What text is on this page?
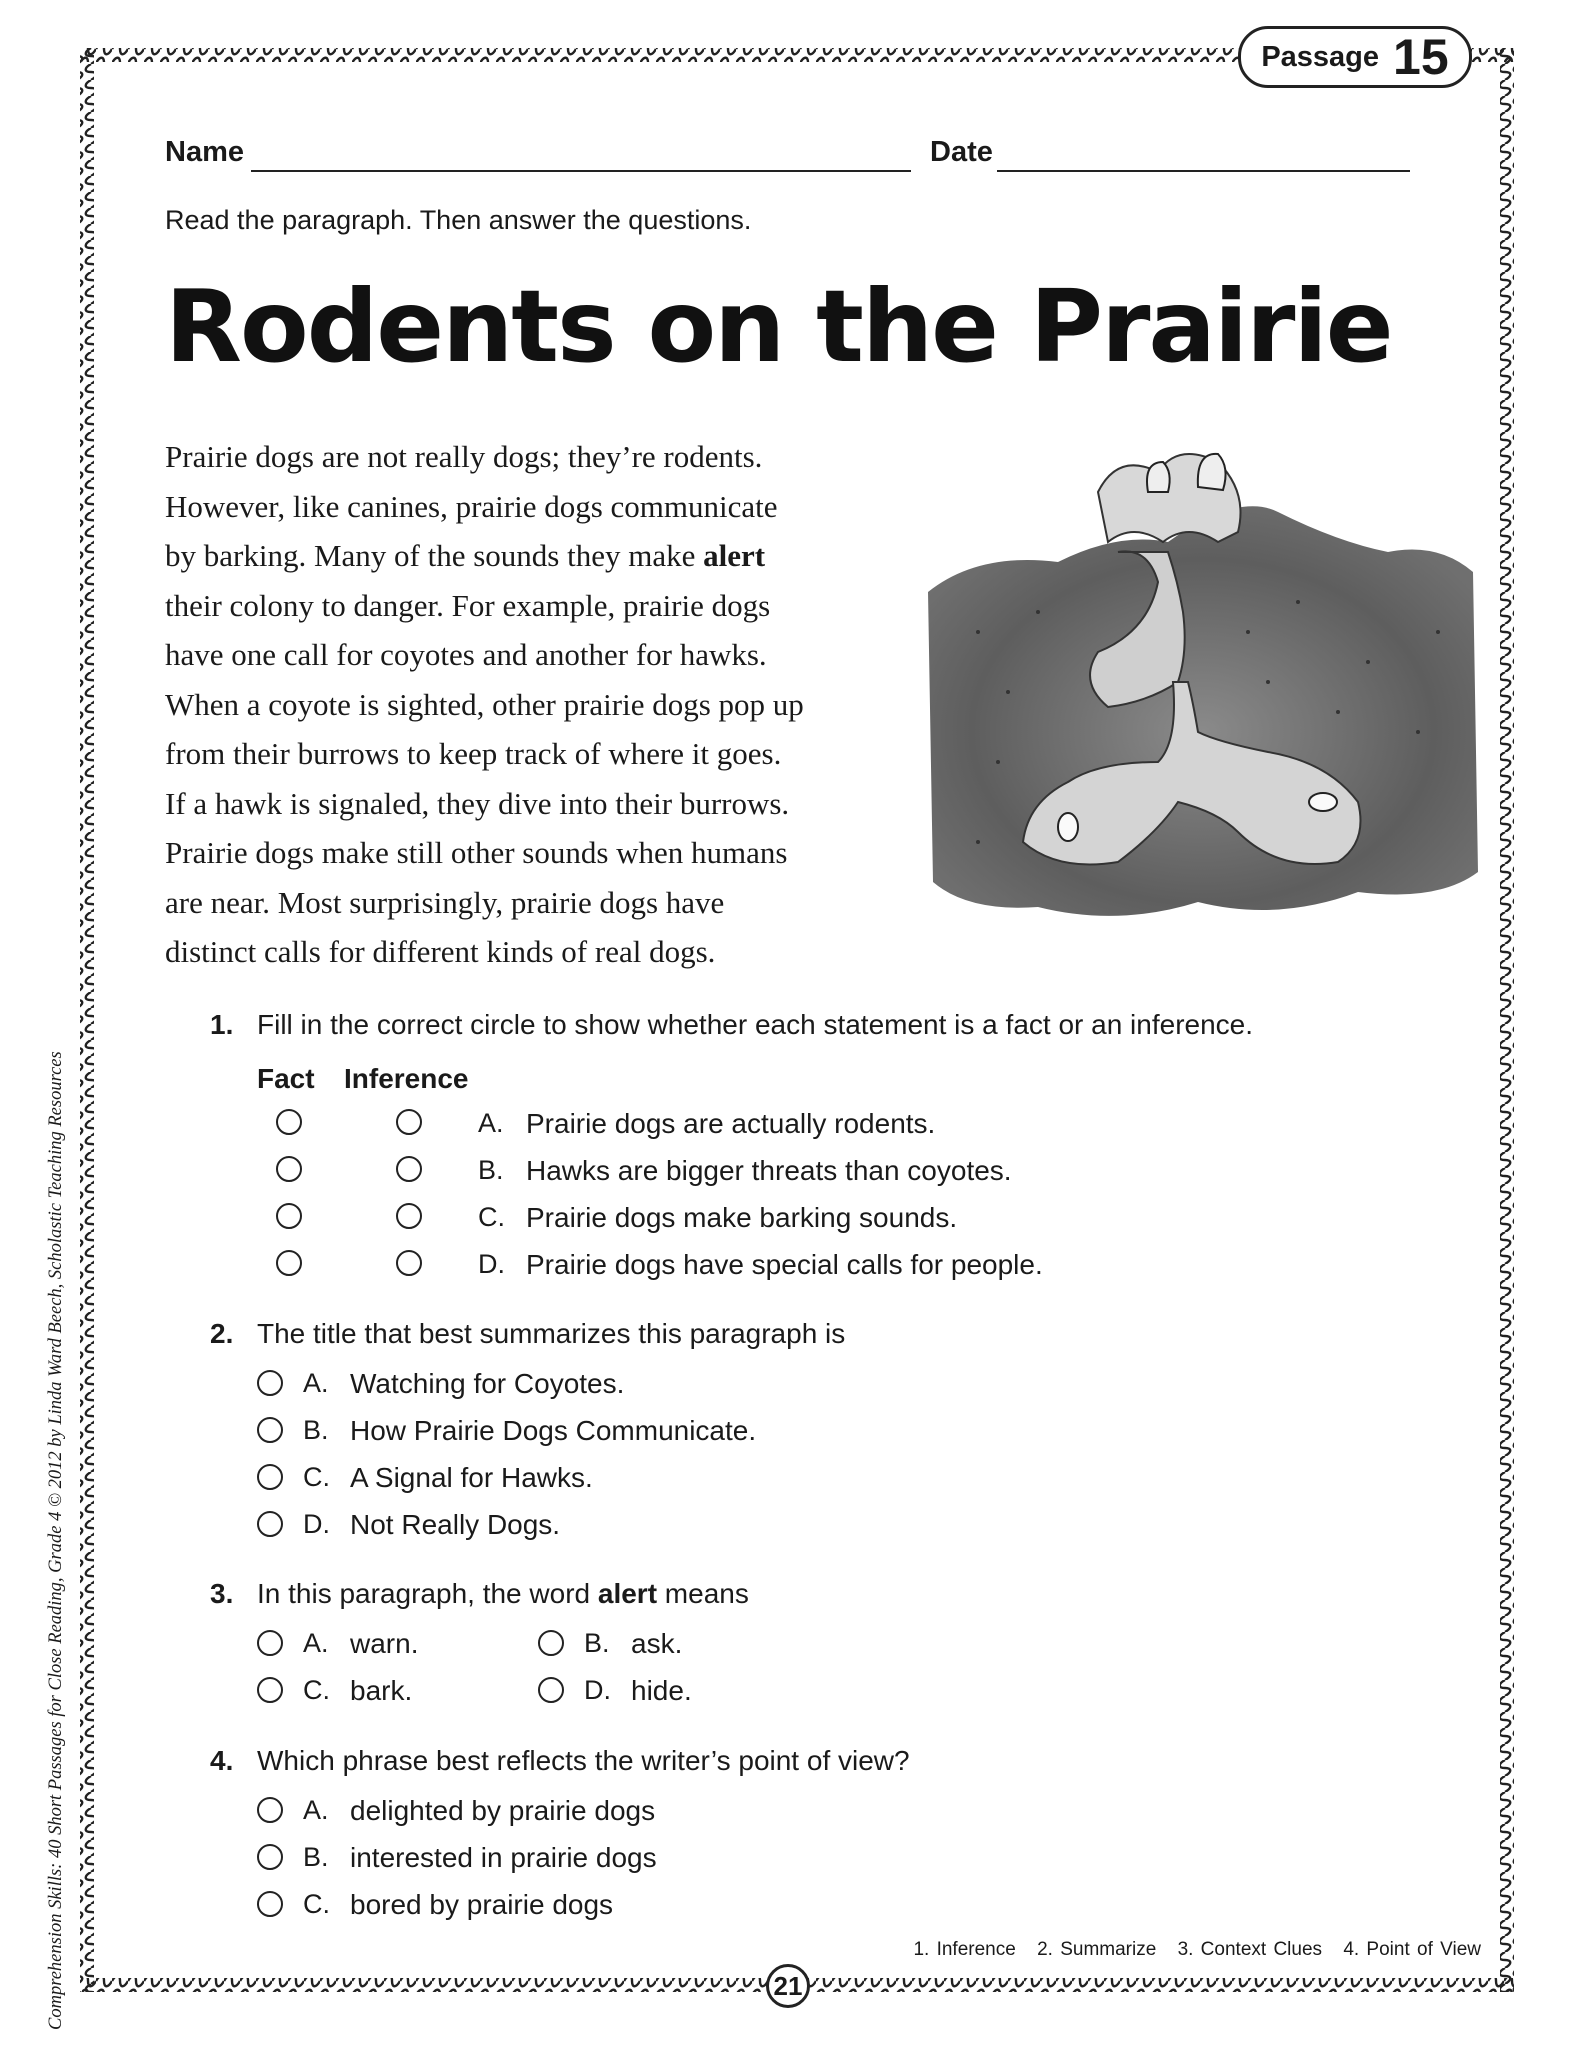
Passage 15
Name	Date
Read the paragraph. Then answer the questions.
Rodents on the Prairie
Prairie dogs are not really dogs; they’re rodents.
However, like canines, prairie dogs communicate
by barking. Many of the sounds they make alert
their colony to danger. For example, prairie dogs
have one call for coyotes and another for hawks.
When a coyote is sighted, other prairie dogs pop up
from their burrows to keep track of where it goes.
If a hawk is signaled, they dive into their burrows.
Prairie dogs make still other sounds when humans
are near. Most surprisingly, prairie dogs have
distinct calls for different kinds of real dogs.
1. Fill in the correct circle to show whether each statement is a fact or an inference.
Fact Inference
A. Prairie dogs are actually rodents.
B. Hawks are bigger threats than coyotes.
C. Prairie dogs make barking sounds.
D. Prairie dogs have special calls for people.
2. The title that best summarizes this paragraph is
A. Watching for Coyotes.
B. How Prairie Dogs Communicate.
C. A Signal for Hawks.
D. Not Really Dogs.
3. In this paragraph, the word alert means
A. warn.	B. ask.
C. bark.	D. hide.
4. Which phrase best reflects the writer’s point of view?
A. delighted by prairie dogs
B. interested in prairie dogs
C. bored by prairie dogs
1. Inference 2. Summarize 3. Context Clues 4. Point of View
21
Comprehension Skills: 40 Short Passages for Close Reading, Grade 4 © 2012 by Linda Ward Beech, Scholastic Teaching Resources
